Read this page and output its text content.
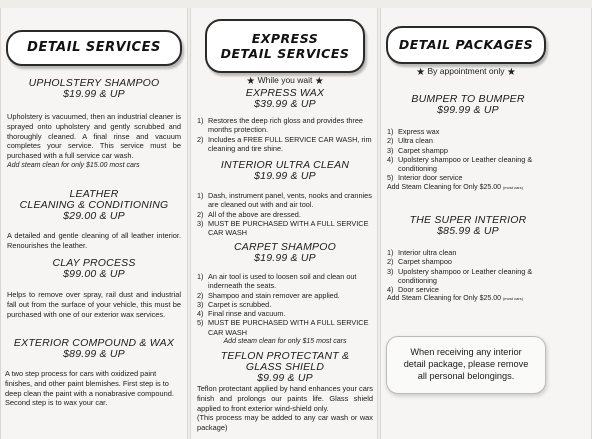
DETAIL SERVICES
UPHOLSTERY SHAMPOO
$19.99 & UP
Upholstery is vacuumed, then an industrial cleaner is sprayed onto upholstery and gently scrubbed and thoroughly cleaned. A final rinse and vacuum completes your service. This service must be purchased with a full service car wash.
Add steam clean for only $15.00 most cars
LEATHER
CLEANING & CONDITIONING
$29.00 & UP
A detailed and gentle cleaning of all leather interior. Renourishes the leather.
CLAY PROCESS
$99.00 & UP
Helps to remove over spray, rail dust and industrial fall out from the surface of your vehicle, this must be purchased with one of our exterior wax services.
EXTERIOR COMPOUND & WAX
$89.99 & UP
A two step process for cars with oxidized paint finishes, and other paint blemishes. First step is to deep clean the paint with a nonabrasive compound. Second step is to wax your car.
EXPRESS
DETAIL SERVICES
★ While you wait ★
EXPRESS WAX
$39.99 & UP
1) Restores the deep rich gloss and provides three months protection.
2) Includes a FREE FULL SERVICE CAR WASH, rim cleaning and tire shine.
INTERIOR ULTRA CLEAN
$19.99 & UP
1) Dash, instrument panel, vents, nooks and crannies are cleaned out with and air tool.
2) All of the above are dressed.
3) MUST BE PURCHASED WITH A FULL SERVICE CAR WASH
CARPET SHAMPOO
$19.99 & UP
1) An air tool is used to loosen soil and clean out inderneath the seats.
2) Shampoo and stain remover are applied.
3) Carpet is scrubbed.
4) Final rinse and vacuum.
5) MUST BE PURCHASED WITH A FULL SERVICE CAR WASH
Add steam clean for only $15 most cars
TEFLON PROTECTANT &
GLASS SHIELD
$9.99 & UP
Teflon protectant applied by hand enhances your cars finish and prolongs our paints life. Glass shield applied to front exterior wind-shield only.
(This process may be added to any car wash or wax package)
DETAIL PACKAGES
★ By appointment only ★
BUMPER TO BUMPER
$99.99 & UP
1) Express wax
2) Ultra clean
3) Carpet shampp
4) Upolstery shampoo or Leather cleaning & conditioning
5) Interior door service
Add Steam Cleaning for Only $25.00 (most cars)
THE SUPER INTERIOR
$85.99 & UP
1) Interior ultra clean
2) Carpet shampoo
3) Upolstery shampoo or Leather cleaning & conditioning
4) Door service
Add Steam Cleaning for Only $25.00 (most cars)
When receiving any interior
detail package, please remove
all personal belongings.
